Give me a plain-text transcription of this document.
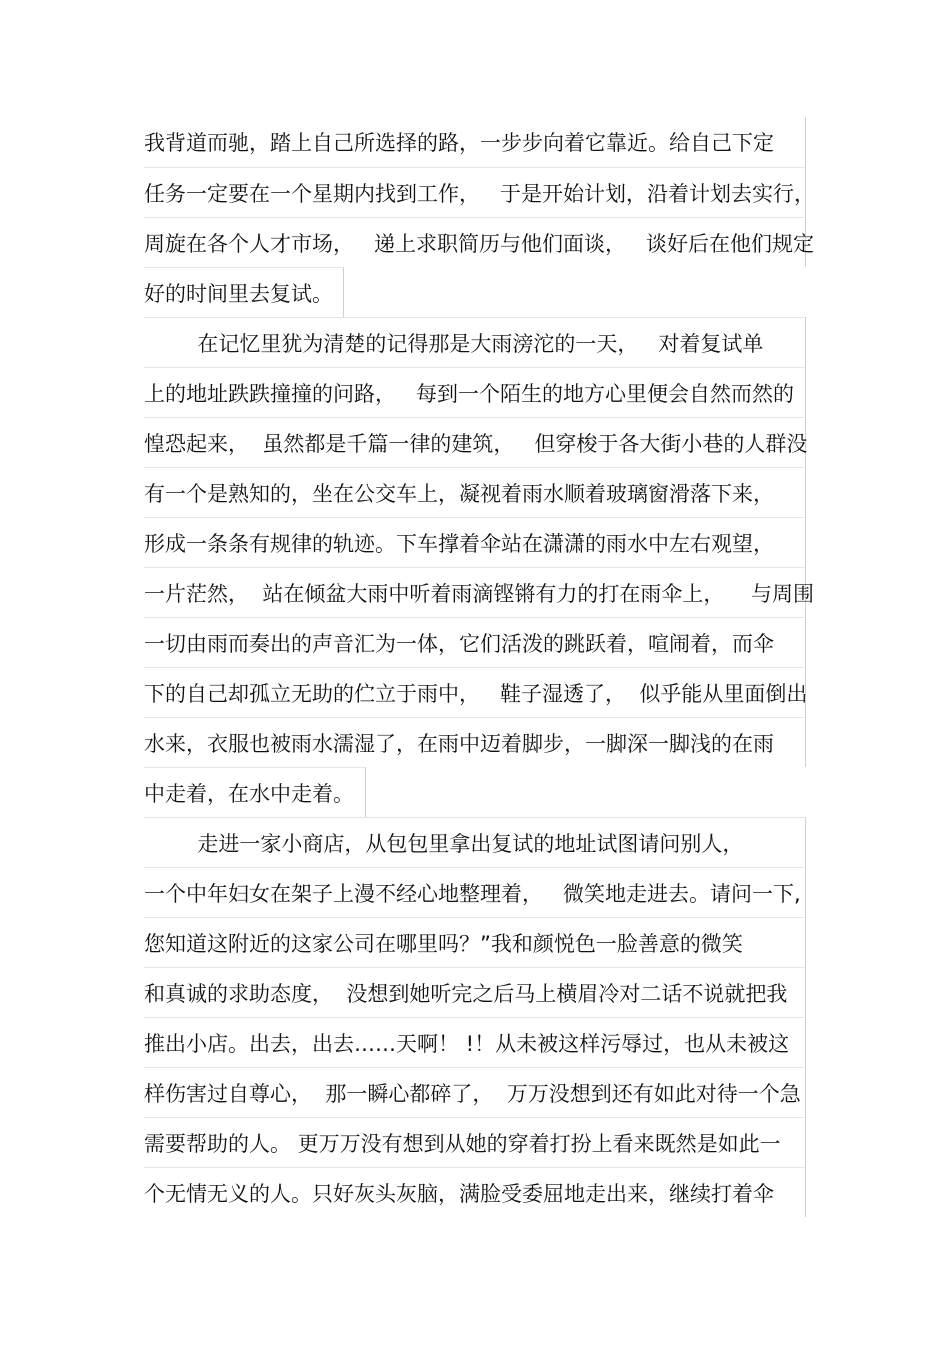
我背道而驰，踏上自己所选择的路，一步步向着它靠近。给自己下定
任务一定要在一个星期内找到工作，   于是开始计划，沿着计划去实行，
周旋在各个人才市场，   递上求职简历与他们面谈，   谈好后在他们规定
好的时间里去复试。
在记忆里犹为清楚的记得那是大雨滂沱的一天，   对着复试单
上的地址跌跌撞撞的问路，   每到一个陌生的地方心里便会自然而然的
惶恐起来，  虽然都是千篇一律的建筑，   但穿梭于各大街小巷的人群没
有一个是熟知的，坐在公交车上，凝视着雨水顺着玻璃窗滑落下来，
形成一条条有规律的轨迹。下车撑着伞站在潇潇的雨水中左右观望，
一片茫然，  站在倾盆大雨中听着雨滴铿锵有力的打在雨伞上，    与周围
一切由雨而奏出的声音汇为一体，它们活泼的跳跃着，喧闹着，而伞
下的自己却孤立无助的伫立于雨中，   鞋子湿透了，  似乎能从里面倒出
水来，衣服也被雨水濡湿了，在雨中迈着脚步，一脚深一脚浅的在雨
中走着，在水中走着。
走进一家小商店，从包包里拿出复试的地址试图请问别人，
一个中年妇女在架子上漫不经心地整理着，   微笑地走进去。请问一下,
您知道这附近的这家公司在哪里吗？”我和颜悦色一脸善意的微笑
和真诚的求助态度，  没想到她听完之后马上横眉冷对二话不说就把我
推出小店。出去，出去……天啊！ !！从未被这样污辱过，也从未被这
样伤害过自尊心，  那一瞬心都碎了，  万万没想到还有如此对待一个急
需要帮助的人。 更万万没有想到从她的穿着打扮上看来既然是如此一
个无情无义的人。只好灰头灰脑，满脸受委屈地走出来，继续打着伞
